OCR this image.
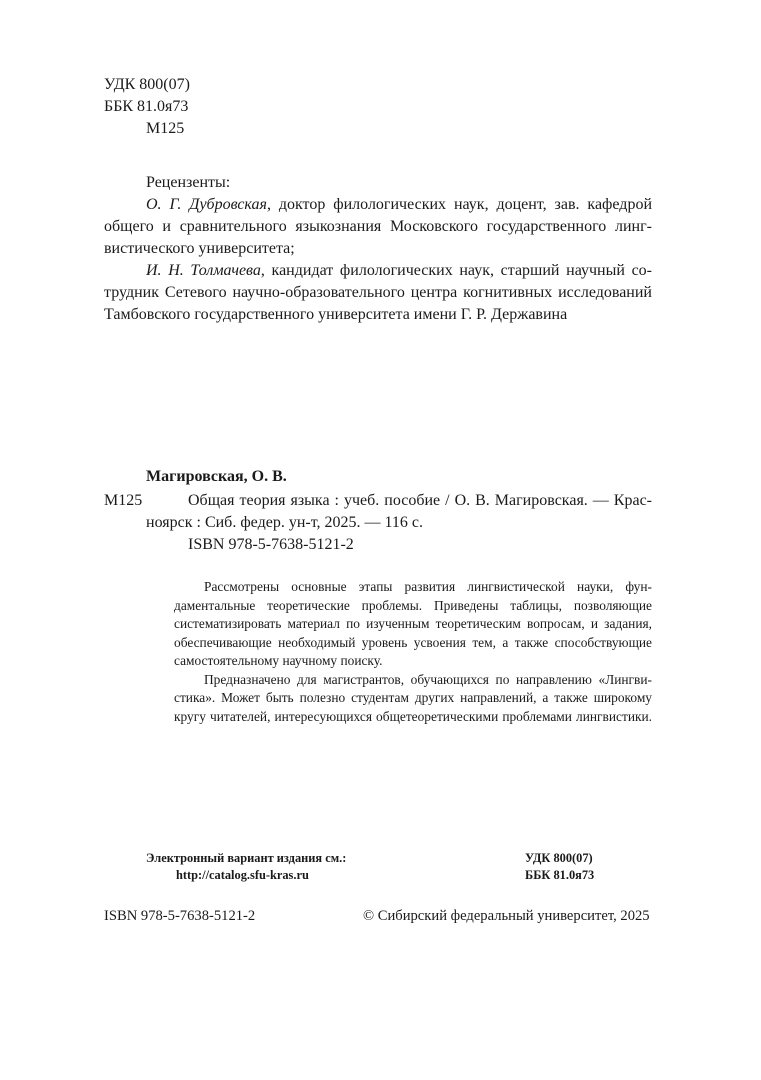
УДК 800(07)
ББК 81.0я73
М125
Рецензенты:
О. Г. Дубровская, доктор филологических наук, доцент, зав. кафедрой
общего и сравнительного языкознания Московского государственного линг-
вистического университета;
И. Н. Толмачева, кандидат филологических наук, старший научный со-
трудник Сетевого научно-образовательного центра когнитивных исследований
Тамбовского государственного университета имени Г. Р. Державина
Магировская, О. В.
М125	Общая теория языка : учеб. пособие / О. В. Магировская. — Крас-
ноярск : Сиб. федер. ун-т, 2025. — 116 с.
ISBN 978-5-7638-5121-2
Рассмотрены основные этапы развития лингвистической науки, фун-
даментальные теоретические проблемы. Приведены таблицы, позволяющие
систематизировать материал по изученным теоретическим вопросам, и задания,
обеспечивающие необходимый уровень усвоения тем, а также способствующие
самостоятельному научному поиску.
Предназначено для магистрантов, обучающихся по направлению «Лингви-
стика». Может быть полезно студентам других направлений, а также широкому
кругу читателей, интересующихся общетеоретическими проблемами лингвистики.
Электронный вариант издания см.:
http://catalog.sfu-kras.ru
УДК 800(07)
ББК 81.0я73
ISBN 978-5-7638-5121-2	© Сибирский федеральный университет, 2025
